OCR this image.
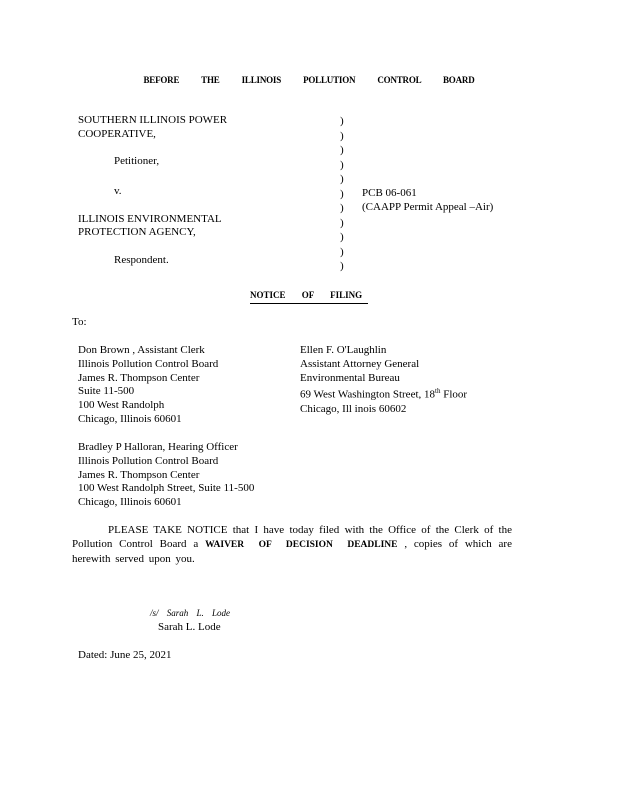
BEFORE THE ILLINOIS POLLUTION CONTROL BOARD
SOUTHERN ILLINOIS POWER
COOPERATIVE,

Petitioner,

v.

ILLINOIS ENVIRONMENTAL
PROTECTION AGENCY,

Respondent.
)
)
)
)
)
)
)
)
)
)
)
PCB 06-061
(CAAPP Permit Appeal –Air)
NOTICE OF FILING
To:
Don Brown , Assistant Clerk
Illinois Pollution Control Board
James R. Thompson Center
Suite 11-500
100 West Randolph
Chicago, Illinois 60601
Ellen F. O'Laughlin
Assistant Attorney General
Environmental Bureau
69 West Washington Street, 18th Floor
Chicago, Ill inois 60602
Bradley P Halloran, Hearing Officer
Illinois Pollution Control Board
James R. Thompson Center
100 West Randolph Street, Suite 11-500
Chicago, Illinois 60601
PLEASE TAKE NOTICE that I have today filed with the Office of the Clerk of the Pollution Control Board a WAIVER OF DECISION DEADLINE , copies of which are herewith served upon you.
/s/ Sarah L. Lode
Sarah L. Lode
Dated: June 25, 2021
